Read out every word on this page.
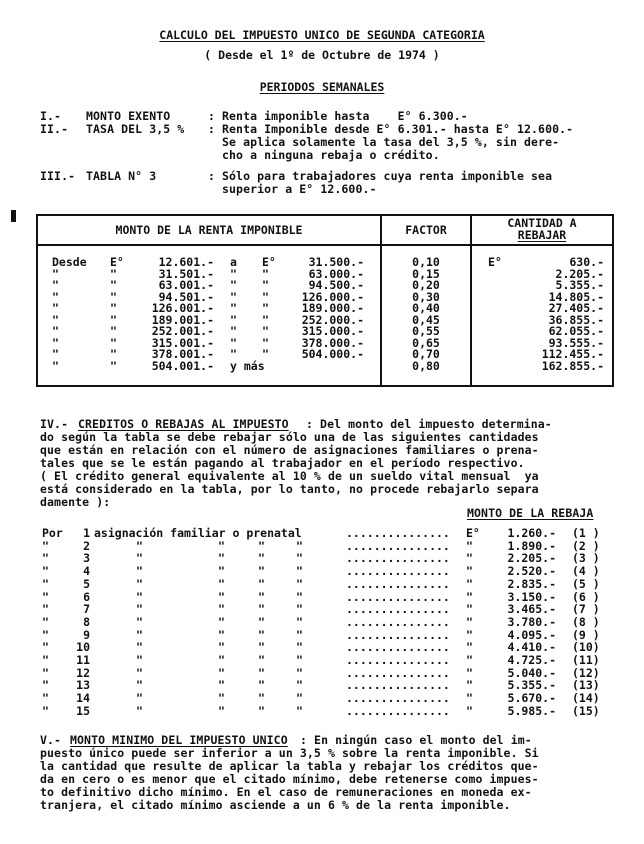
CALCULO DEL IMPUESTO UNICO DE SEGUNDA CATEGORIA
( Desde el 1º de Octubre de 1974 )
PERIODOS SEMANALES
I.- MONTO EXENTO	: Renta imponible hasta    E° 6.300.-
II.- TASA DEL 3,5 % : Renta Imponible desde E° 6.301.- hasta E° 12.600.-
Se aplica solamente la tasa del 3,5 %, sin dere-
cho a ninguna rebaja o crédito.
III.- TABLA N° 3	: Sólo para trabajadores cuya renta imponible sea
superior a E° 12.600.-
MONTO DE LA RENTA IMPONIBLE	FACTOR	CANTIDAD A
REBAJAR
Desde	E°	12.601.- a	E°	31.500.-	0,10	E°	630.-
"	"	31.501.- "	"	63.000.-	0,15	2.205.-
"	"	63.001.- "	"	94.500.-	0,20	5.355.-
"	"	94.501.- "	"	126.000.-	0,30	14.805.-
"	"	126.001.- "	"	189.000.-	0,40	27.405.-
"	"	189.001.- "	"	252.000.-	0,45	36.855.-
"	"	252.001.- "	"	315.000.-	0,55	62.055.-
"	"	315.001.- "	"	378.000.-	0,65	93.555.-
"	"	378.001.- "	"	504.000.-	0,70	112.455.-
"	"	504.001.- y más	0,80	162.855.-
IV.- CREDITOS O REBAJAS AL IMPUESTO : Del monto del impuesto determina-
do según la tabla se debe rebajar sólo una de las siguientes cantidades
que están en relación con el número de asignaciones familiares o prena-
tales que se le están pagando al trabajador en el período respectivo.
( El crédito general equivalente al 10 % de un sueldo vital mensual  ya
está considerado en la tabla, por lo tanto, no procede rebajarlo separa
damente ):
MONTO DE LA REBAJA
Por	1 asignación familiar o prenatal	...............	E°	1.260.- (1 )
"	2	"	"	"	"	...............	"	1.890.- (2 )
"	3	"	"	"	"	...............	"	2.205.- (3 )
"	4	"	"	"	"	...............	"	2.520.- (4 )
"	5	"	"	"	"	...............	"	2.835.- (5 )
"	6	"	"	"	"	...............	"	3.150.- (6 )
"	7	"	"	"	"	...............	"	3.465.- (7 )
"	8	"	"	"	"	...............	"	3.780.- (8 )
"	9	"	"	"	"	...............	"	4.095.- (9 )
"	10	"	"	"	"	...............	"	4.410.- (10)
"	11	"	"	"	"	...............	"	4.725.- (11)
"	12	"	"	"	"	...............	"	5.040.- (12)
"	13	"	"	"	"	...............	"	5.355.- (13)
"	14	"	"	"	"	...............	"	5.670.- (14)
"	15	"	"	"	"	...............	"	5.985.- (15)
V.- MONTO MINIMO DEL IMPUESTO UNICO : En ningún caso el monto del im-
puesto único puede ser inferior a un 3,5 % sobre la renta imponible. Si
la cantidad que resulte de aplicar la tabla y rebajar los créditos que-
da en cero o es menor que el citado mínimo, debe retenerse como impues-
to definitivo dicho mínimo. En el caso de remuneraciones en moneda ex-
tranjera, el citado mínimo asciende a un 6 % de la renta imponible.
